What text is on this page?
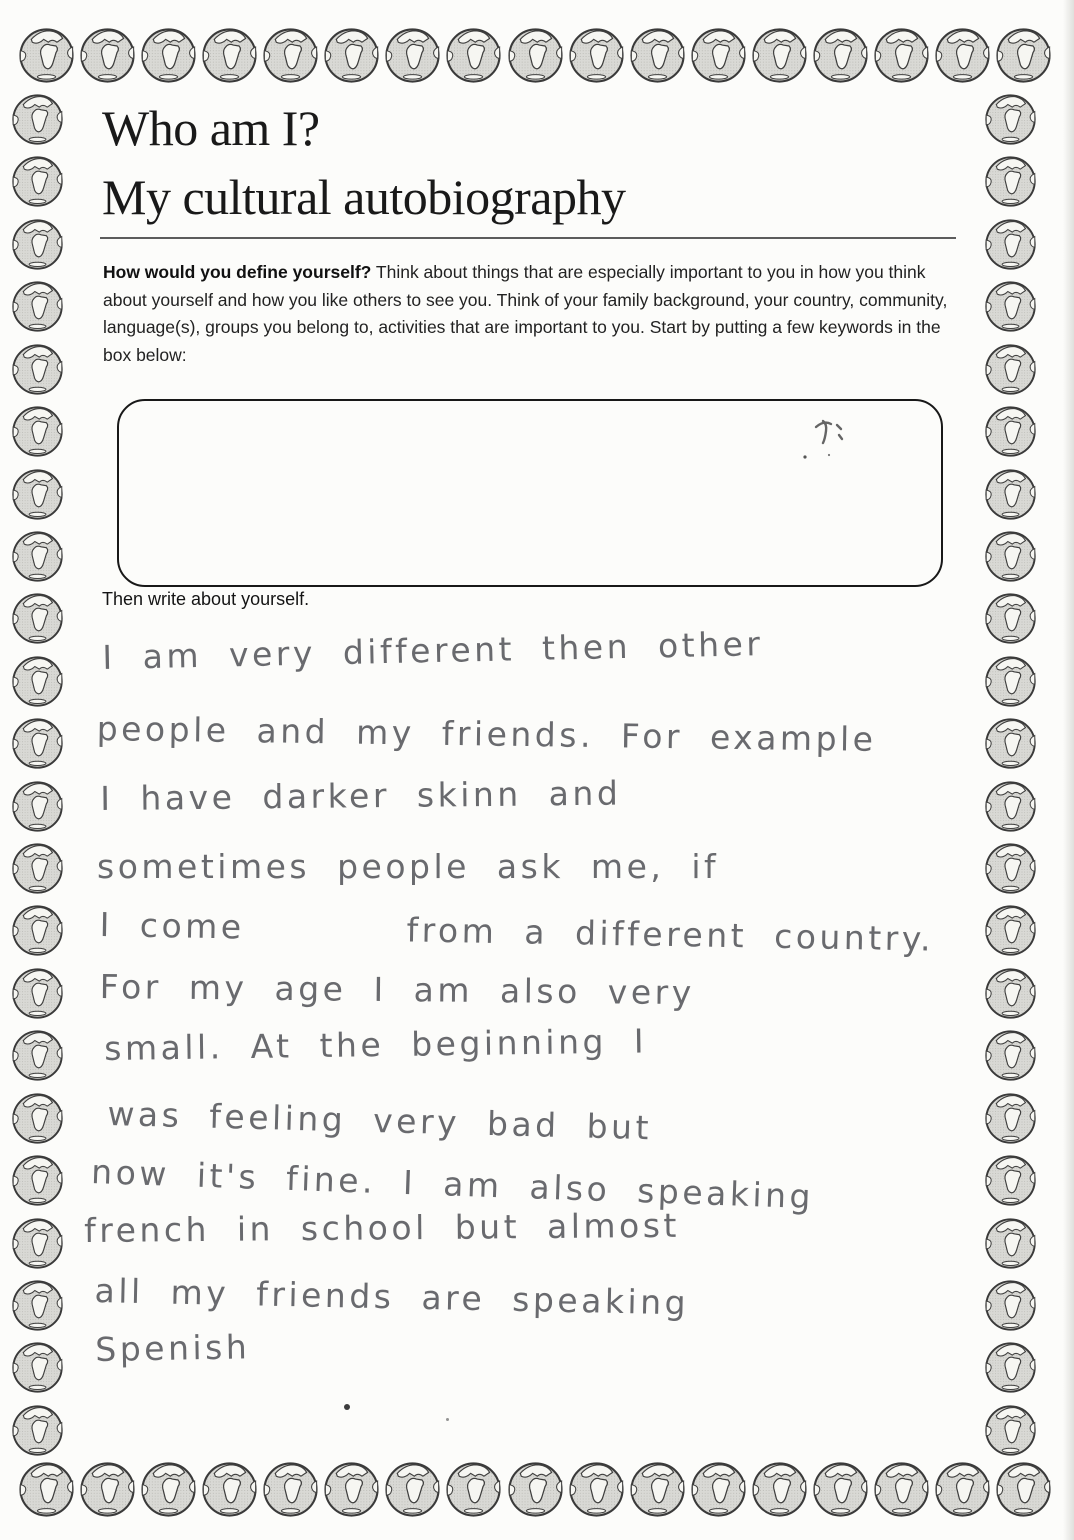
Who am I?
My cultural autobiography

How would you define yourself? Think about things that are especially important to you in how you think about yourself and how you like others to see you. Think of your family background, your country, community, language(s), groups you belong to, activities that are important to you. Start by putting a few keywords in the box below:

Then write about yourself.

I am very different then other

people and my friends. For example

I have darker skinn and

sometimes people ask me, if

I come      from a different country.

For my age I am also very

small. At the beginning I

was feeling very bad but

now it's fine. I am also speaking

french in school but almost

all my friends are speaking

Spenish
